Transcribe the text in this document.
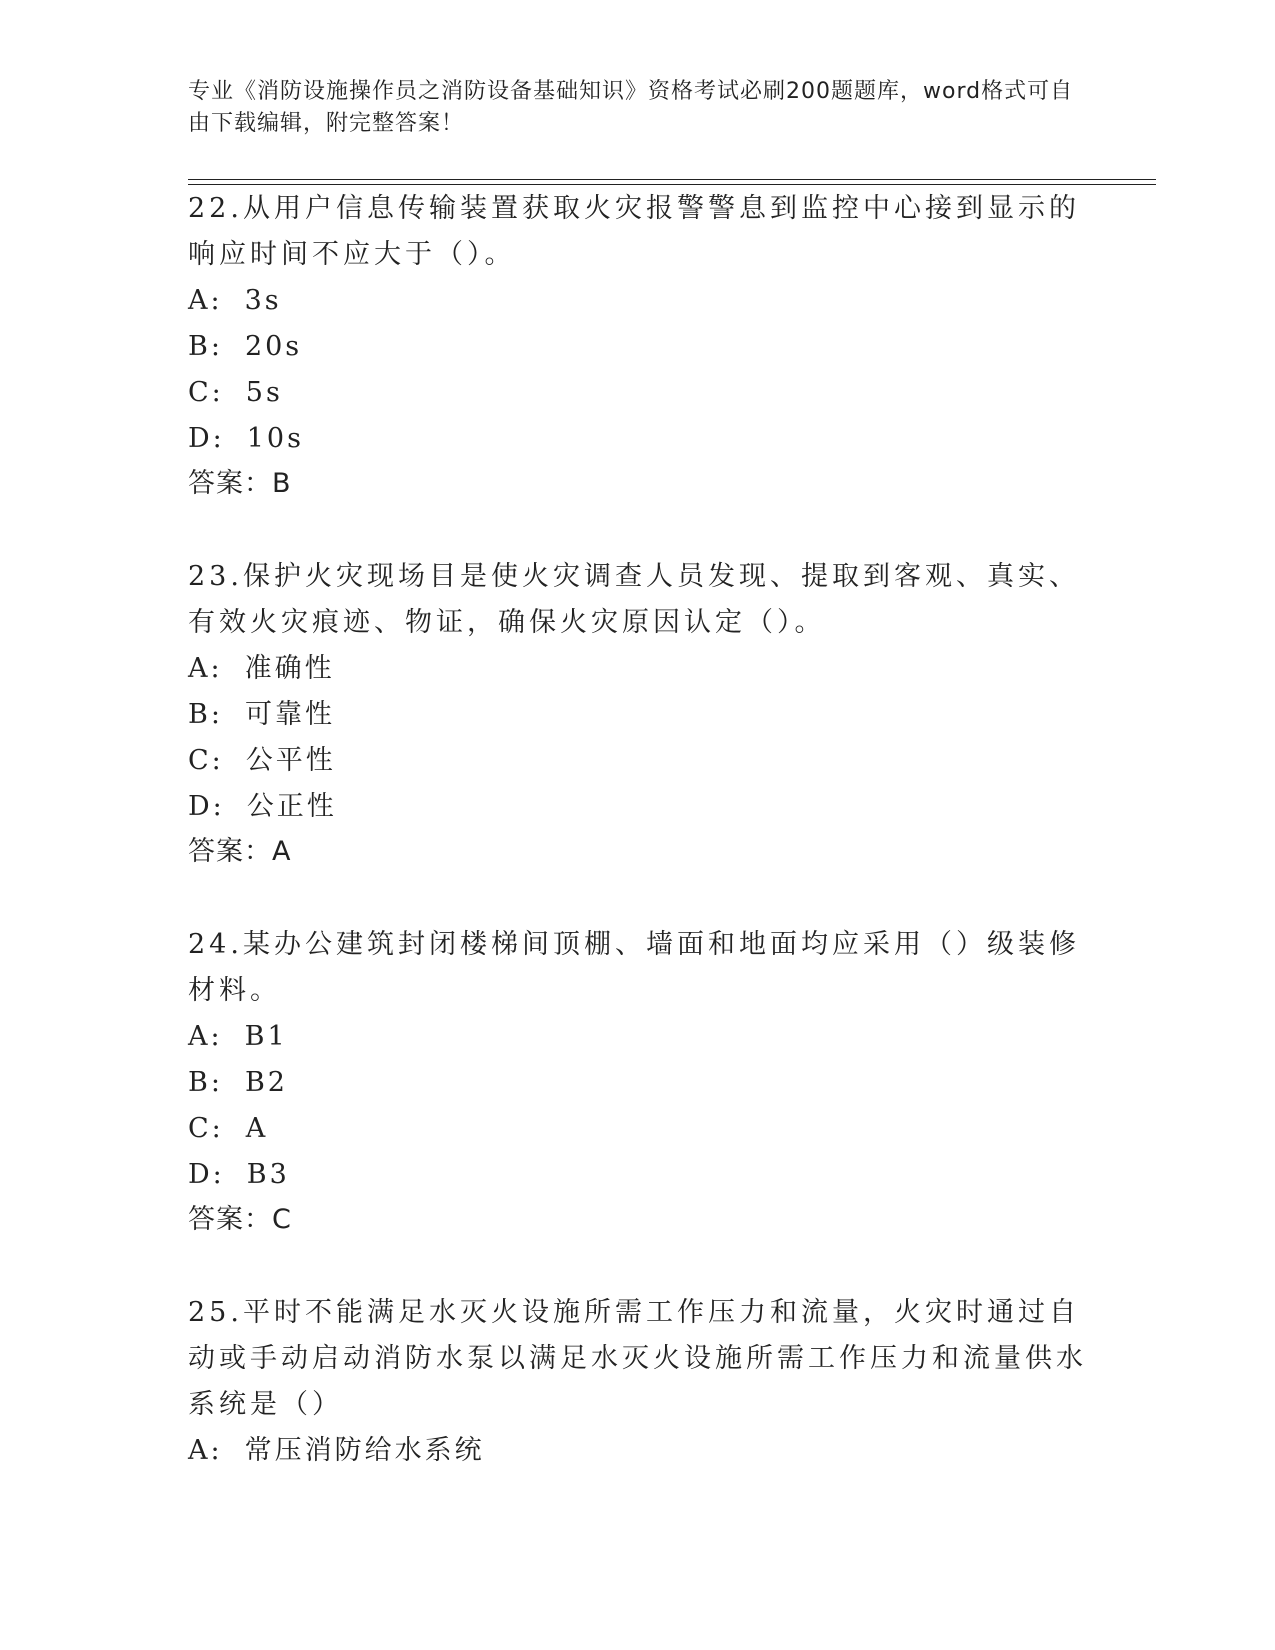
专业《消防设施操作员之消防设备基础知识》资格考试必刷200题题库，word格式可自由下载编辑，附完整答案！

22.从用户信息传输装置获取火灾报警警息到监控中心接到显示的响应时间不应大于（）。

A: 3s
B: 20s
C: 5s
D: 10s
答案：B

23.保护火灾现场目是使火灾调查人员发现、提取到客观、真实、有效火灾痕迹、物证，确保火灾原因认定（）。

A: 准确性
B: 可靠性
C: 公平性
D: 公正性
答案：A

24.某办公建筑封闭楼梯间顶棚、墙面和地面均应采用（）级装修材料。

A: B1
B: B2
C: A
D: B3
答案：C

25.平时不能满足水灭火设施所需工作压力和流量，火灾时通过自动或手动启动消防水泵以满足水灭火设施所需工作压力和流量供水系统是（）

A: 常压消防给水系统
